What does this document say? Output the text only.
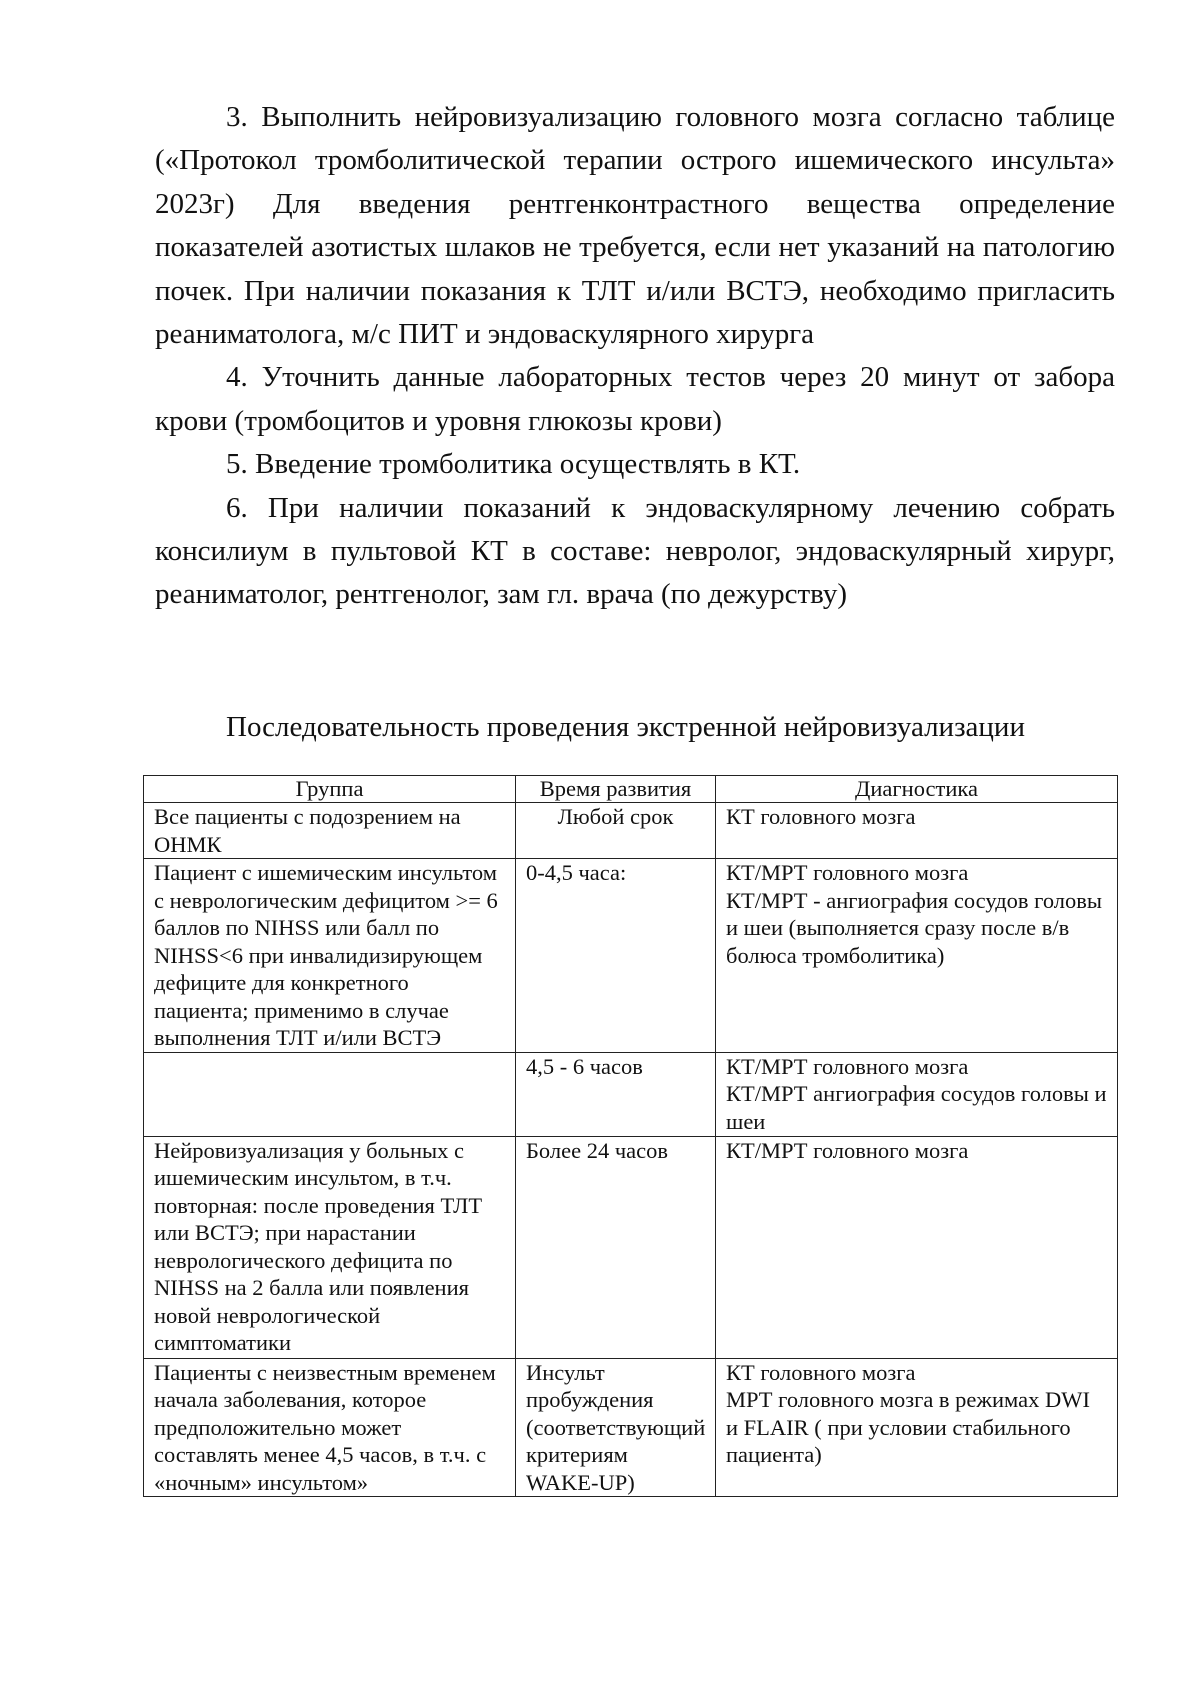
3. Выполнить нейровизуализацию головного мозга согласно таблице («Протокол тромболитической терапии острого ишемического инсульта» 2023г) Для введения рентгенконтрастного вещества определение показателей азотистых шлаков не требуется, если нет указаний на патологию почек. При наличии показания к ТЛТ и/или ВСТЭ, необходимо пригласить реаниматолога, м/с ПИТ и эндоваскулярного хирурга

4. Уточнить данные лабораторных тестов через 20 минут от забора крови (тромбоцитов и уровня глюкозы крови)

5. Введение тромболитика осуществлять в КТ.

6. При наличии показаний к эндоваскулярному лечению собрать консилиум в пультовой КТ в составе: невролог, эндоваскулярный хирург, реаниматолог, рентгенолог, зам гл. врача (по дежурству)

Последовательность проведения экстренной нейровизуализации

Группа	Время развития	Диагностика
Все пациенты с подозрением на ОНМК	Любой срок	КТ головного мозга

Пациент с ишемическим инсультом с неврологическим дефицитом >= 6 баллов по NIHSS или балл по NIHSS<6 при инвалидизирующем дефиците для конкретного пациента; применимо в случае выполнения ТЛТ и/или ВСТЭ	0-4,5 часа:	КТ/МРТ головного мозга
КТ/МРТ - ангиография сосудов головы и шеи (выполняется сразу после в/в болюса тромболитика)

	4,5 - 6 часов	КТ/МРТ головного мозга
КТ/МРТ ангиография сосудов головы и шеи

Нейровизуализация у больных с ишемическим инсультом, в т.ч. повторная: после проведения ТЛТ или ВСТЭ; при нарастании неврологического дефицита по NIHSS на 2 балла или появления новой неврологической симптоматики	Более 24 часов	КТ/МРТ головного мозга

Пациенты с неизвестным временем начала заболевания, которое предположительно может составлять менее 4,5 часов, в т.ч. с «ночным» инсультом»	Инсульт пробуждения (соответствующий критериям WAKE-UP)	КТ головного мозга
МРТ головного мозга в режимах DWI и FLAIR ( при условии стабильного пациента)
